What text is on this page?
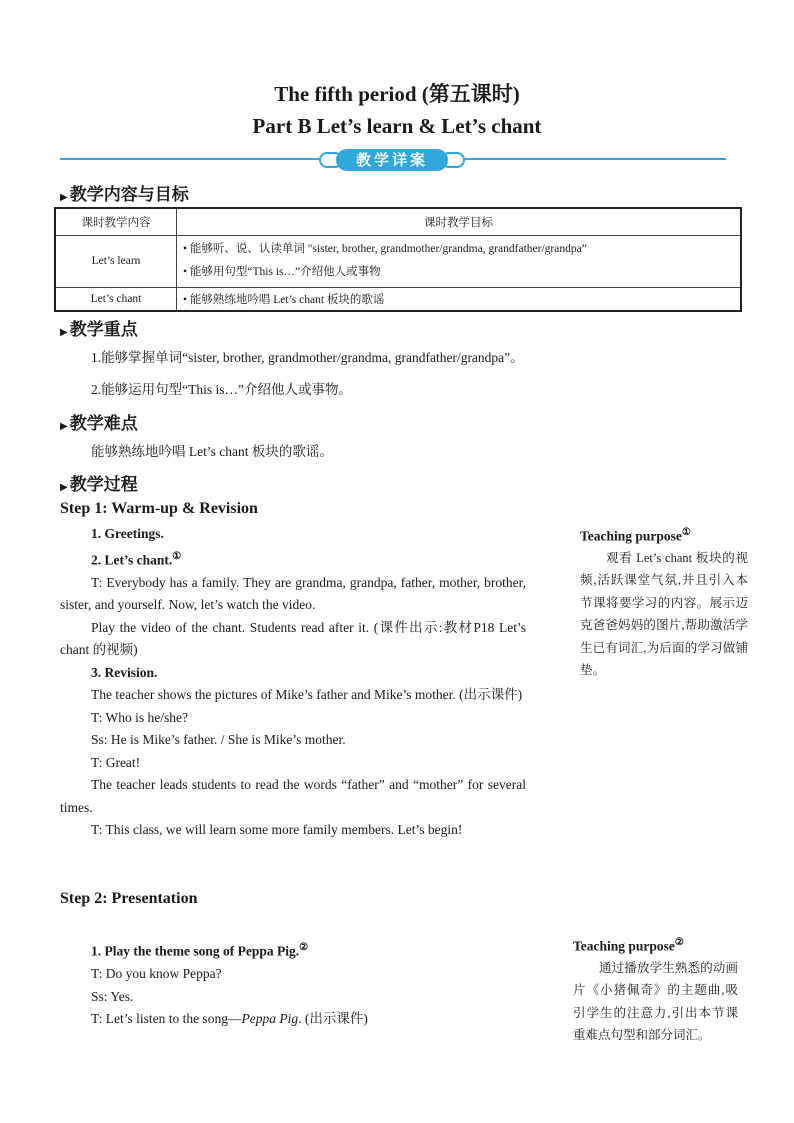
The fifth period (第五课时)
Part B Let’s learn & Let’s chant
教学详案
▶ 教学内容与目标
课时教学内容	课时教学目标
Let’s learn	• 能够听、说、认读单词 "sister, brother, grandmother/grandma, grandfather/grandpa”
• 能够用句型“This is…”介绍他人或事物

Let’s chant	• 能够熟练地吟唱 Let’s chant 板块的歌谣
▶ 教学重点
1.能够掌握单词“sister, brother, grandmother/grandma, grandfather/grandpa”。
2.能够运用句型“This is…”介绍他人或事物。
▶ 教学难点
能够熟练地吟唱 Let’s chant 板块的歌谣。
▶ 教学过程
Step 1: Warm-up & Revision

1. Greetings.

2. Let’s chant.①

T: Everybody has a family. They are grandma, grandpa, father, mother, brother, sister, and yourself. Now, let’s watch the video.

Play the video of the chant. Students read after it. (课件出示:教材P18 Let’s chant 的视频)

3. Revision.

The teacher shows the pictures of Mike’s father and Mike’s mother. (出示课件)

T: Who is he/she?

Ss: He is Mike’s father. / She is Mike’s mother.

T: Great!

The teacher leads students to read the words “father” and “mother” for several times.

T: This class, we will learn some more family members. Let’s begin!

Step 2: Presentation

1. Play the theme song of Peppa Pig.②

T: Do you know Peppa?

Ss: Yes.

T: Let’s listen to the song—Peppa Pig. (出示课件)

Teaching purpose①
观看 Let’s chant 板块的视频,活跃课堂气氛,并且引入本节课将要学习的内容。展示迈克爸爸妈妈的图片,帮助激活学生已有词汇,为后面的学习做铺垫。
Teaching purpose②
通过播放学生熟悉的动画片《小猪佩奇》的主题曲,吸引学生的注意力,引出本节课重难点句型和部分词汇。
